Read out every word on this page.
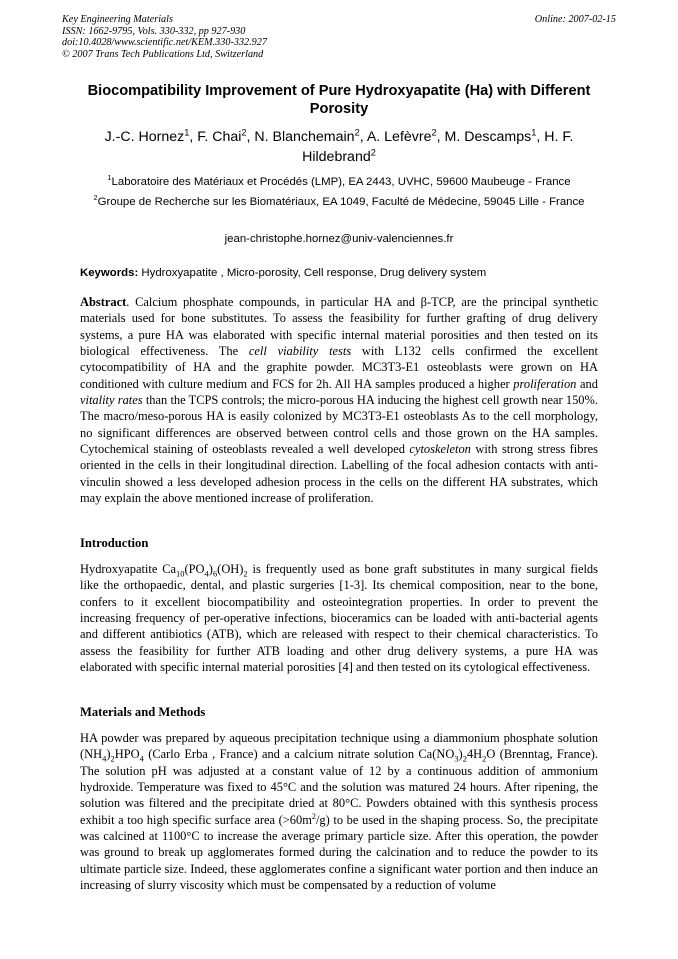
Key Engineering Materials
ISSN: 1662-9795, Vols. 330-332, pp 927-930
doi:10.4028/www.scientific.net/KEM.330-332.927
© 2007 Trans Tech Publications Ltd, Switzerland
Online: 2007-02-15
Biocompatibility Improvement of Pure Hydroxyapatite (Ha) with Different Porosity
J.-C. Hornez$^1$, F. Chai$^2$, N. Blanchemain$^2$, A. Lefèvre$^2$, M. Descamps$^1$, H. F. Hildebrand$^2$
$^1$Laboratoire des Matériaux et Procédés (LMP), EA 2443, UVHC, 59600 Maubeuge - France
$^2$Groupe de Recherche sur les Biomatériaux, EA 1049, Faculté de Médecine, 59045 Lille - France
jean-christophe.hornez@univ-valenciennes.fr
Keywords: Hydroxyapatite , Micro-porosity, Cell response, Drug delivery system

Abstract. Calcium phosphate compounds, in particular HA and β-TCP, are the principal synthetic materials used for bone substitutes. To assess the feasibility for further grafting of drug delivery systems, a pure HA was elaborated with specific internal material porosities and then tested on its biological effectiveness. The cell viability tests with L132 cells confirmed the excellent cytocompatibility of HA and the graphite powder. MC3T3-E1 osteoblasts were grown on HA conditioned with culture medium and FCS for 2h. All HA samples produced a higher proliferation and vitality rates than the TCPS controls; the micro-porous HA inducing the highest cell growth near 150%. The macro/meso-porous HA is easily colonized by MC3T3-E1 osteoblasts As to the cell morphology, no significant differences are observed between control cells and those grown on the HA samples. Cytochemical staining of osteoblasts revealed a well developed cytoskeleton with strong stress fibres oriented in the cells in their longitudinal direction. Labelling of the focal adhesion contacts with anti-vinculin showed a less developed adhesion process in the cells on the different HA substrates, which may explain the above mentioned increase of proliferation.

Introduction

Hydroxyapatite $Ca_{10}(PO_4)_6(OH)_2$ is frequently used as bone graft substitutes in many surgical fields like the orthopaedic, dental, and plastic surgeries [1-3]. Its chemical composition, near to the bone, confers to it excellent biocompatibility and osteointegration properties. In order to prevent the increasing frequency of per-operative infections, bioceramics can be loaded with anti-bacterial agents and different antibiotics (ATB), which are released with respect to their chemical characteristics. To assess the feasibility for further ATB loading and other drug delivery systems, a pure HA was elaborated with specific internal material porosities [4] and then tested on its cytological effectiveness.

Materials and Methods

HA powder was prepared by aqueous precipitation technique using a diammonium phosphate solution $(NH_4)_2HPO_4$ (Carlo Erba , France) and a calcium nitrate solution $Ca(NO_3)_24H_2O$ (Brenntag, France). The solution pH was adjusted at a constant value of 12 by a continuous addition of ammonium hydroxide. Temperature was fixed to 45°C and the solution was matured 24 hours. After ripening, the solution was filtered and the precipitate dried at 80°C. Powders obtained with this synthesis process exhibit a too high specific surface area $(>60m^2/g)$ to be used in the shaping process. So, the precipitate was calcined at 1100°C to increase the average primary particle size. After this operation, the powder was ground to break up agglomerates formed during the calcination and to reduce the powder to its ultimate particle size. Indeed, these agglomerates confine a significant water portion and then induce an increasing of slurry viscosity which must be compensated by a reduction of volume
